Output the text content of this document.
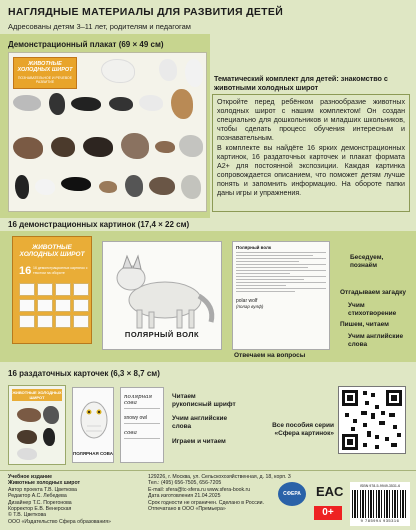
НАГЛЯДНЫЕ МАТЕРИАЛЫ ДЛЯ РАЗВИТИЯ ДЕТЕЙ
Адресованы детям 3–11 лет, родителям и педагогам
Демонстрационный плакат (69 × 49 см)
ЖИВОТНЫЕ ХОЛОДНЫХ ШИРОТ
ПОЗНАВАТЕЛЬНОЕ И РЕЧЕВОЕ РАЗВИТИЕ	Тематический комплект для детей: знакомство с животными холодных широт

Откройте перед ребёнком разнообразие животных холодных широт с нашим комплектом! Он создан специально для дошкольников и младших школьников, чтобы сделать процесс обучения интересным и познавательным.

В комплекте вы найдёте 16 ярких демонстрационных картинок, 16 раздаточных карточек и плакат формата A2+ для постоянной экспозиции. Каждая картинка сопровождается описанием, что поможет детям лучше понять и запомнить информацию. На обороте папки даны игры и упражнения.

16 демонстрационных картинок (17,4 × 22 см)
ЖИВОТНЫЕ ХОЛОДНЫХ ШИРОТ
16 16 демонстрационных картинок с текстом на обороте
ПОЛЯРНЫЙ ВОЛК
Полярный волк
polar wolf
(полар вулф)
Беседуем, познаём
Отгадываем загадку
Учим стихотворение
Пишем, читаем
Учим английские слова
Отвечаем на вопросы
16 раздаточных карточек (6,3 × 8,7 см)
ЖИВОТНЫЕ ХОЛОДНЫХ ШИРОТ
ПОЛЯРНАЯ СОВА
полярная сова
snowy owl
сова
Читаем рукописный шрифт
Учим английские слова
Играем и читаем
Все пособия серии «Сфера картинок»
Учебное издание
Животные холодных широт
Автор проекта Т.В. Цветкова
Редактор А.С. Лебедева
Дизайнер Т.С. Порегонова
Корректор Е.В. Венерская
© Т.В. Цветкова
ООО «Издательство Сфера образования»
129226, г. Москва, ул. Сельскохозяйственная, д. 18, корп. 3
Тел.: (495) 656-7505, 656-7205
E-mail: sfera@tc-sfera.ru www.sfera-book.ru
Дата изготовления 21.04.2025
Срок годности не ограничен. Сделано в России.
Отпечатано в ООО «Премьера»
СФЕРА	EAC
0+
ISBN 978-5-9949-3531-6
9 785994 935316
